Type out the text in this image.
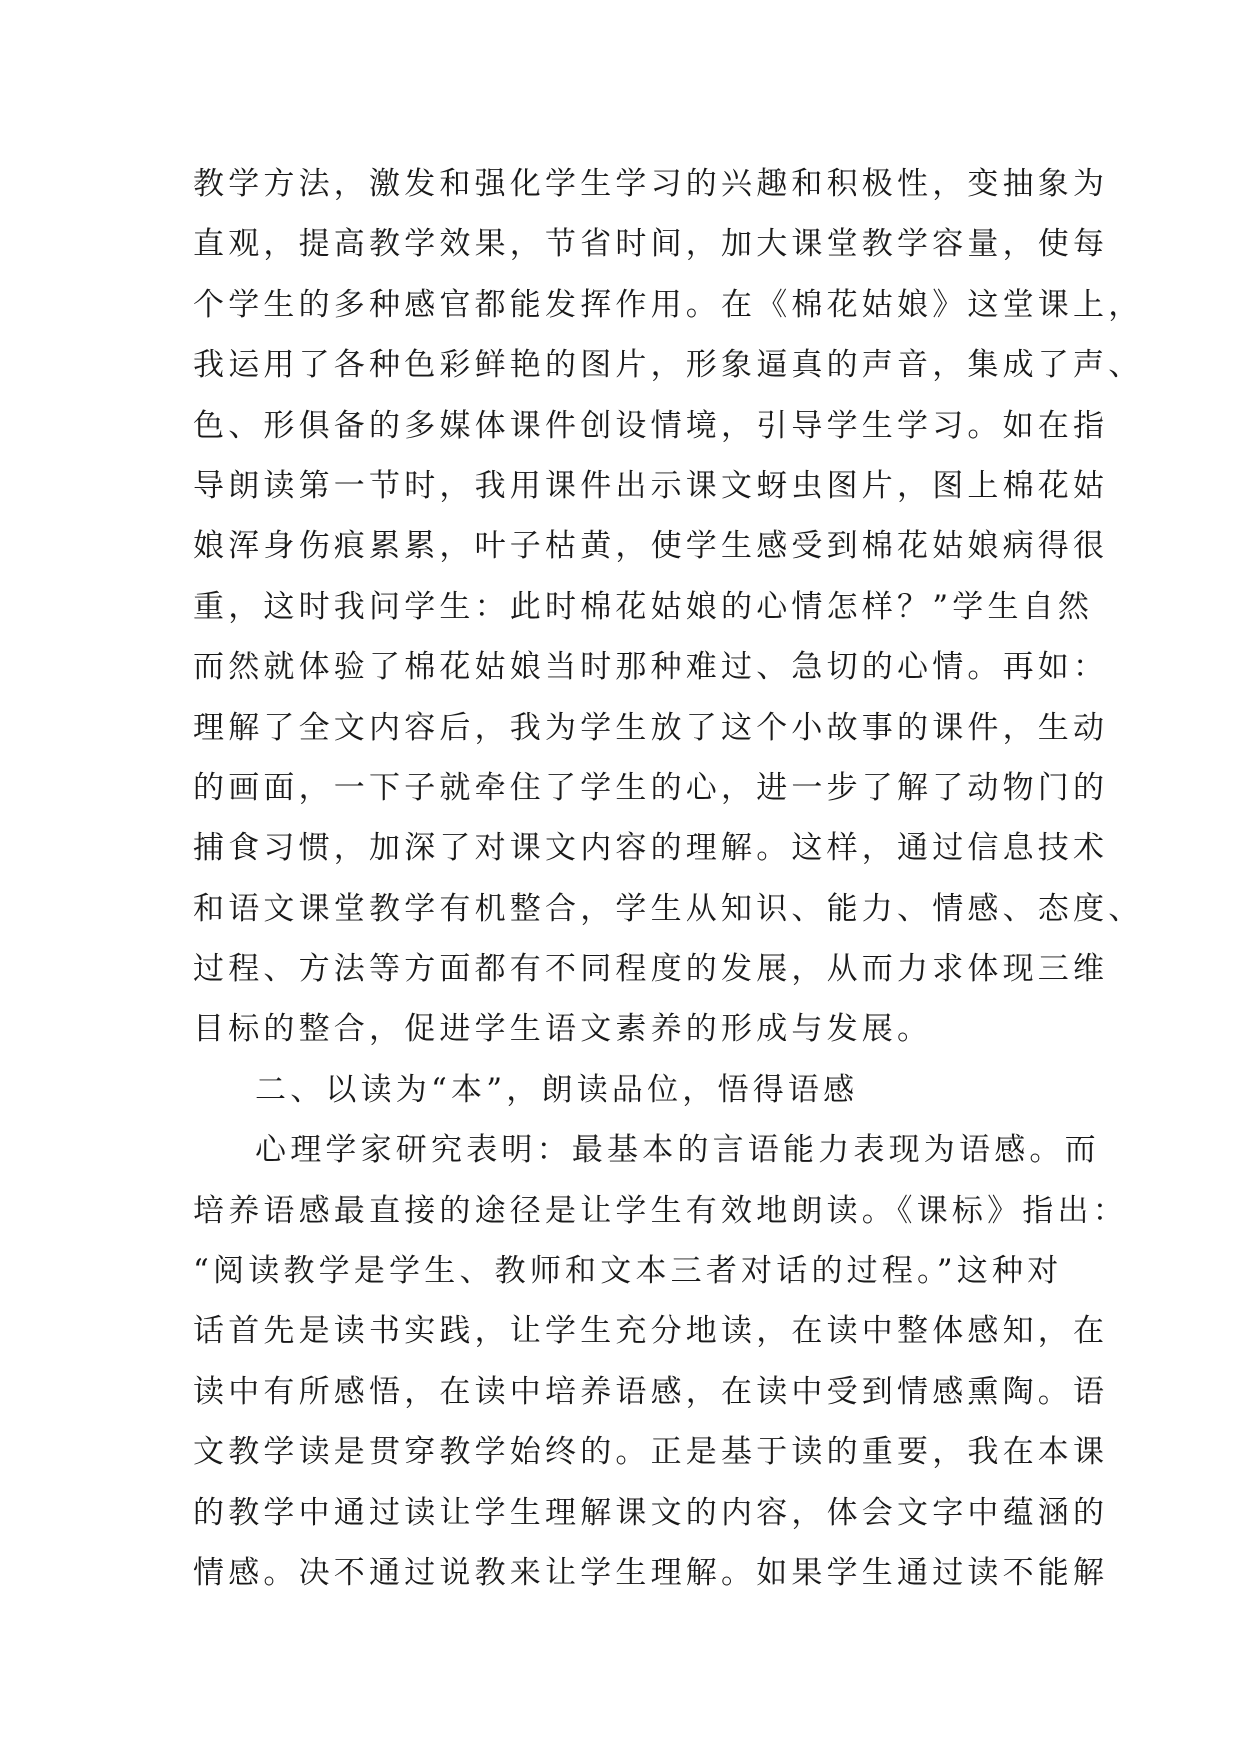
教学方法，激发和强化学生学习的兴趣和积极性，变抽象为
直观，提高教学效果，节省时间，加大课堂教学容量，使每
个学生的多种感官都能发挥作用。在《棉花姑娘》这堂课上，
我运用了各种色彩鲜艳的图片，形象逼真的声音，集成了声、
色、形俱备的多媒体课件创设情境，引导学生学习。如在指
导朗读第一节时，我用课件出示课文蚜虫图片，图上棉花姑
娘浑身伤痕累累，叶子枯黄，使学生感受到棉花姑娘病得很
重，这时我问学生：此时棉花姑娘的心情怎样？”学生自然
而然就体验了棉花姑娘当时那种难过、急切的心情。再如：
理解了全文内容后，我为学生放了这个小故事的课件，生动
的画面，一下子就牵住了学生的心，进一步了解了动物门的
捕食习惯，加深了对课文内容的理解。这样，通过信息技术
和语文课堂教学有机整合，学生从知识、能力、情感、态度、
过程、方法等方面都有不同程度的发展，从而力求体现三维
目标的整合，促进学生语文素养的形成与发展。
二、以读为“本”，朗读品位，悟得语感
心理学家研究表明：最基本的言语能力表现为语感。而
培养语感最直接的途径是让学生有效地朗读。《课标》指出：
“阅读教学是学生、教师和文本三者对话的过程。”这种对
话首先是读书实践，让学生充分地读，在读中整体感知，在
读中有所感悟，在读中培养语感，在读中受到情感熏陶。语
文教学读是贯穿教学始终的。正是基于读的重要，我在本课
的教学中通过读让学生理解课文的内容，体会文字中蕴涵的
情感。决不通过说教来让学生理解。如果学生通过读不能解
